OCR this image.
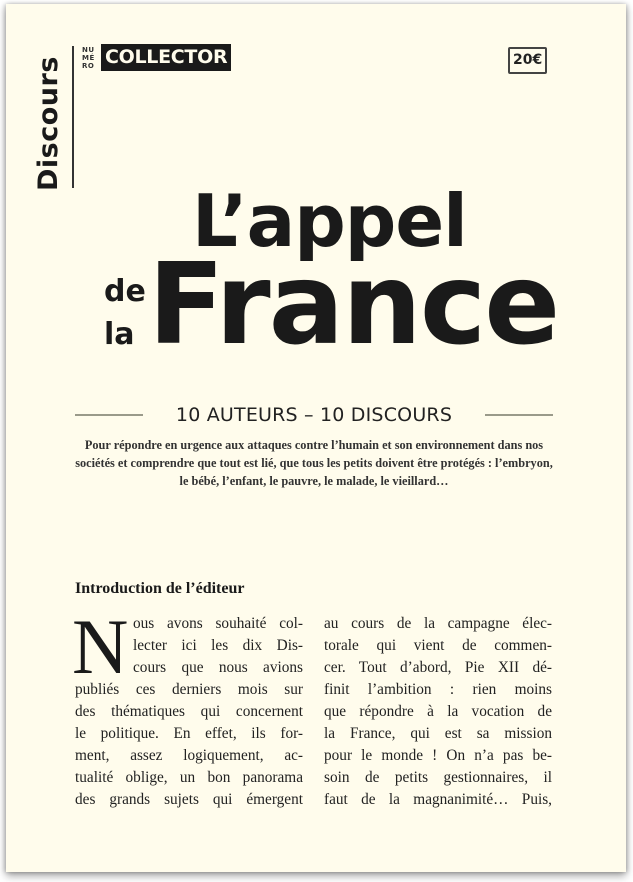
Discours
NU
MÉ
RO COLLECTOR	20€
L’appel
de
la France
10 AUTEURS – 10 DISCOURS
Pour répondre en urgence aux attaques contre l’humain et son environnement dans nos sociétés et comprendre que tout est lié, que tous les petits doivent être protégés : l’embryon, le bébé, l’enfant, le pauvre, le malade, le vieillard…
Introduction de l’éditeur
N ous avons souhaité col-
lecter ici les dix Dis-
cours que nous avions
publiés ces derniers mois sur
des thématiques qui concernent
le politique. En effet, ils for-
ment, assez logiquement, ac-
tualité oblige, un bon panorama
des grands sujets qui émergent
au cours de la campagne élec-
torale qui vient de commen-
cer. Tout d’abord, Pie XII dé-
finit l’ambition : rien moins
que répondre à la vocation de
la France, qui est sa mission
pour le monde ! On n’a pas be-
soin de petits gestionnaires, il
faut de la magnanimité… Puis,
